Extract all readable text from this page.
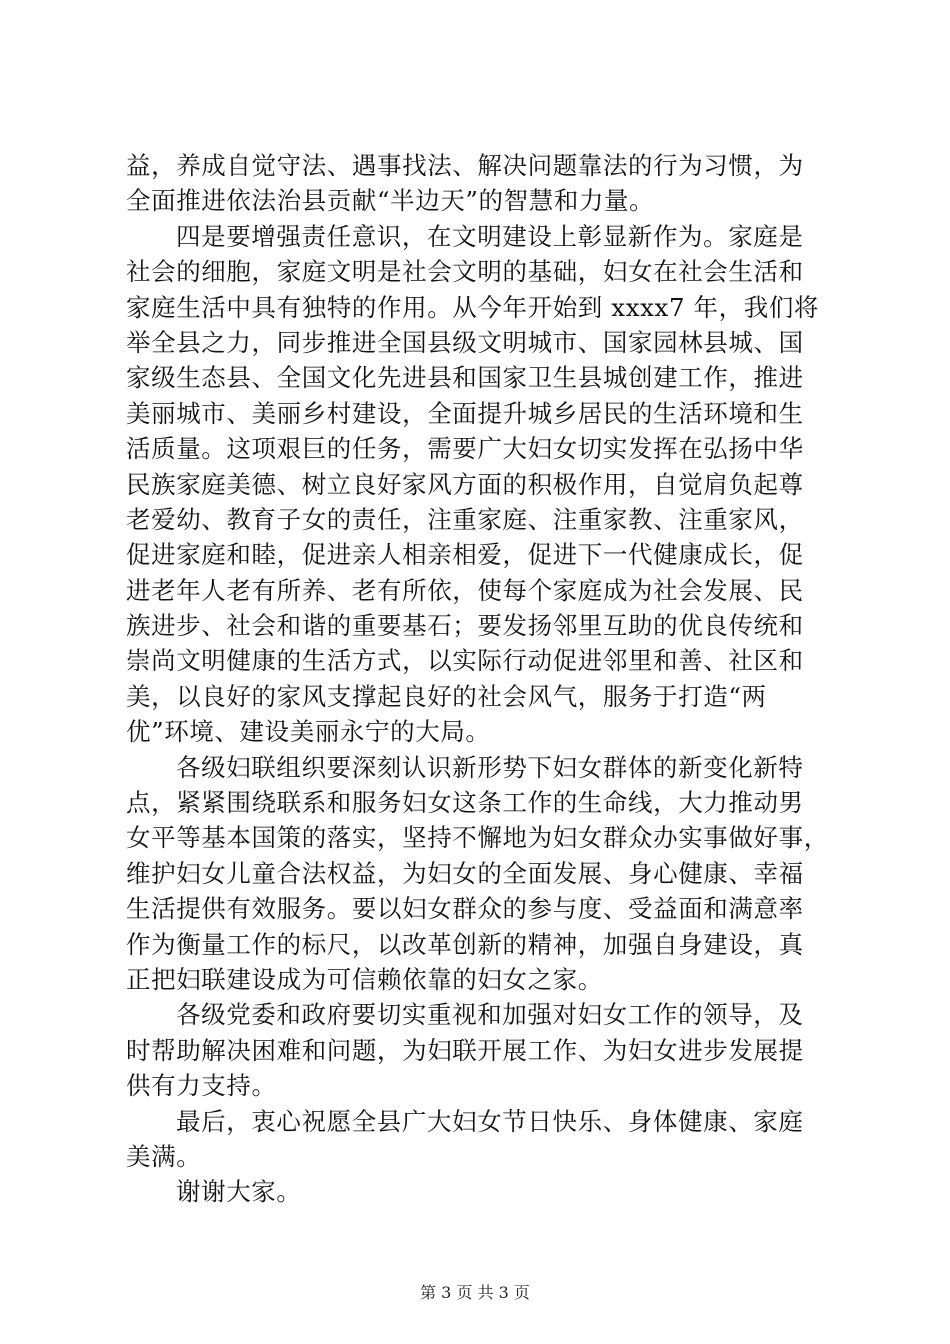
益，养成自觉守法、遇事找法、解决问题靠法的行为习惯，为
全面推进依法治县贡献“半边天”的智慧和力量。
四是要增强责任意识，在文明建设上彰显新作为。家庭是
社会的细胞，家庭文明是社会文明的基础，妇女在社会生活和
家庭生活中具有独特的作用。从今年开始到 xxxx7 年，我们将
举全县之力，同步推进全国县级文明城市、国家园林县城、国
家级生态县、全国文化先进县和国家卫生县城创建工作，推进
美丽城市、美丽乡村建设，全面提升城乡居民的生活环境和生
活质量。这项艰巨的任务，需要广大妇女切实发挥在弘扬中华
民族家庭美德、树立良好家风方面的积极作用，自觉肩负起尊
老爱幼、教育子女的责任，注重家庭、注重家教、注重家风，
促进家庭和睦，促进亲人相亲相爱，促进下一代健康成长，促
进老年人老有所养、老有所依，使每个家庭成为社会发展、民
族进步、社会和谐的重要基石；要发扬邻里互助的优良传统和
崇尚文明健康的生活方式，以实际行动促进邻里和善、社区和
美，以良好的家风支撑起良好的社会风气，服务于打造“两
优”环境、建设美丽永宁的大局。
各级妇联组织要深刻认识新形势下妇女群体的新变化新特
点，紧紧围绕联系和服务妇女这条工作的生命线，大力推动男
女平等基本国策的落实，坚持不懈地为妇女群众办实事做好事，
维护妇女儿童合法权益，为妇女的全面发展、身心健康、幸福
生活提供有效服务。要以妇女群众的参与度、受益面和满意率
作为衡量工作的标尺，以改革创新的精神，加强自身建设，真
正把妇联建设成为可信赖依靠的妇女之家。
各级党委和政府要切实重视和加强对妇女工作的领导，及
时帮助解决困难和问题，为妇联开展工作、为妇女进步发展提
供有力支持。
最后，衷心祝愿全县广大妇女节日快乐、身体健康、家庭
美满。
谢谢大家。
第 3 页 共 3 页
